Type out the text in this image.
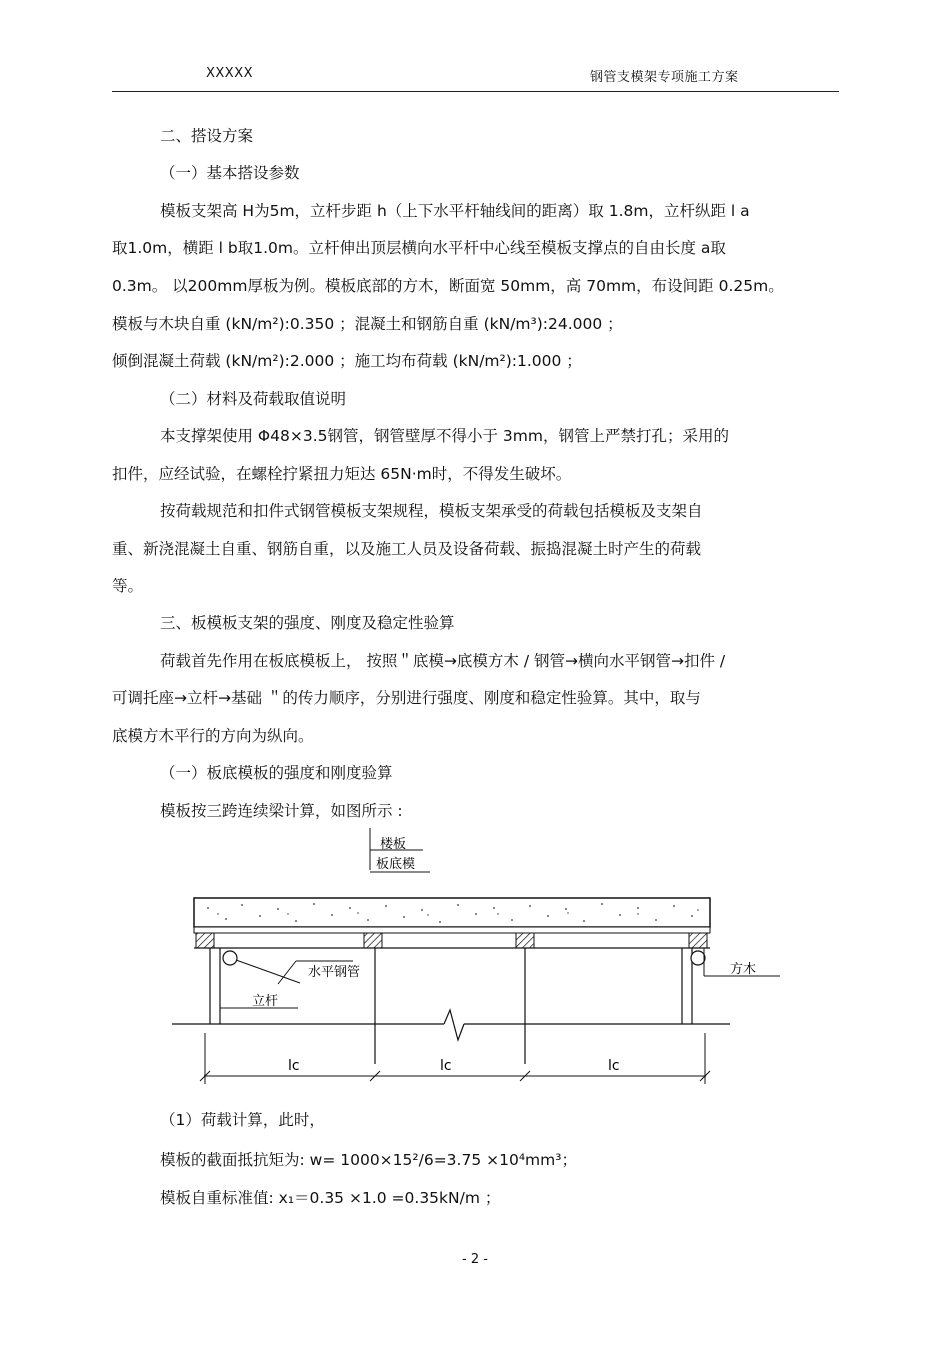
XXXXX	钢管支模架专项施工方案
二、搭设方案
（一）基本搭设参数
模板支架高 H为5m，立杆步距 h（上下水平杆轴线间的距离）取 1.8m，立杆纵距 l a
取1.0m，横距 l b取1.0m。立杆伸出顶层横向水平杆中心线至模板支撑点的自由长度 a取
0.3m。 以200mm厚板为例。模板底部的方木，断面宽 50mm，高 70mm，布设间距 0.25m。
模板与木块自重 (kN/m²):0.350 ；混凝土和钢筋自重 (kN/m³):24.000 ；
倾倒混凝土荷载 (kN/m²):2.000 ；施工均布荷载 (kN/m²):1.000 ；
（二）材料及荷载取值说明
本支撑架使用 Φ48×3.5钢管，钢管壁厚不得小于 3mm，钢管上严禁打孔；采用的
扣件，应经试验，在螺栓拧紧扭力矩达 65N·m时，不得发生破坏。
按荷载规范和扣件式钢管模板支架规程，模板支架承受的荷载包括模板及支架自
重、新浇混凝土自重、钢筋自重，以及施工人员及设备荷载、振捣混凝土时产生的荷载
等。
三、板模板支架的强度、刚度及稳定性验算
荷载首先作用在板底模板上， 按照＂底模→底模方木 / 钢管→横向水平钢管→扣件 /
可调托座→立杆→基础 ＂的传力顺序，分别进行强度、刚度和稳定性验算。其中，取与
底模方木平行的方向为纵向。
（一）板底模板的强度和刚度验算
模板按三跨连续梁计算，如图所示 :
楼板
板底模
水平钢管	方木
立杆
lc	lc	lc
（1）荷载计算，此时，
模板的截面抵抗矩为: w= 1000×15²/6=3.75 ×10⁴mm³；
模板自重标准值: x₁＝0.35 ×1.0 =0.35kN/m ；
- 2 -
